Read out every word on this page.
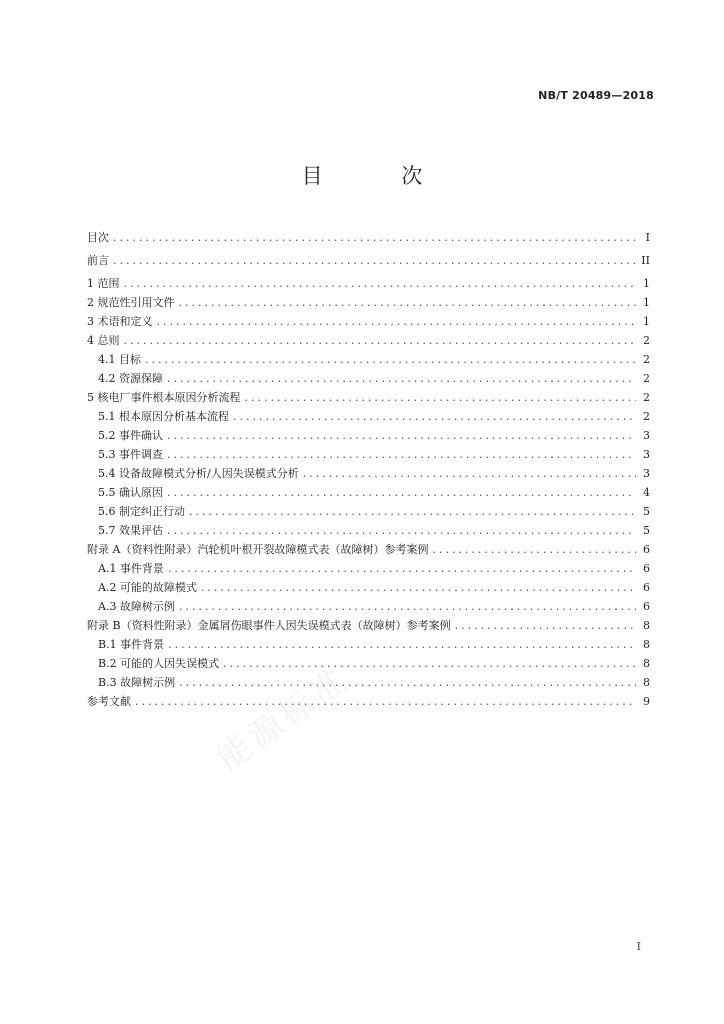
NB/T 20489—2018
目 次
目次 .....	I
前言 .....	II
1 范围 .....	1
2 规范性引用文件 .....	1
3 术语和定义 .....	1
4 总则 .....	2
4.1 目标 .....	2
4.2 资源保障 .....	2
5 核电厂事件根本原因分析流程 .....	2
5.1 根本原因分析基本流程 .....	2
5.2 事件确认 .....	3
5.3 事件调查 .....	3
5.4 设备故障模式分析/人因失误模式分析 .....	3
5.5 确认原因 .....	4
5.6 制定纠正行动 .....	5
5.7 效果评估 .....	5
附录 A（资料性附录）汽轮机叶根开裂故障模式表（故障树）参考案例 .....	6
A.1 事件背景 .....	6
A.2 可能的故障模式 .....	6
A.3 故障树示例 .....	6
附录 B（资料性附录）金属屑伤眼事件人因失误模式表（故障树）参考案例 .....	8
B.1 事件背景 .....	8
B.2 可能的人因失误模式 .....	8
B.3 故障树示例 .....	8
参考文献 .....	9
能源标准
I
